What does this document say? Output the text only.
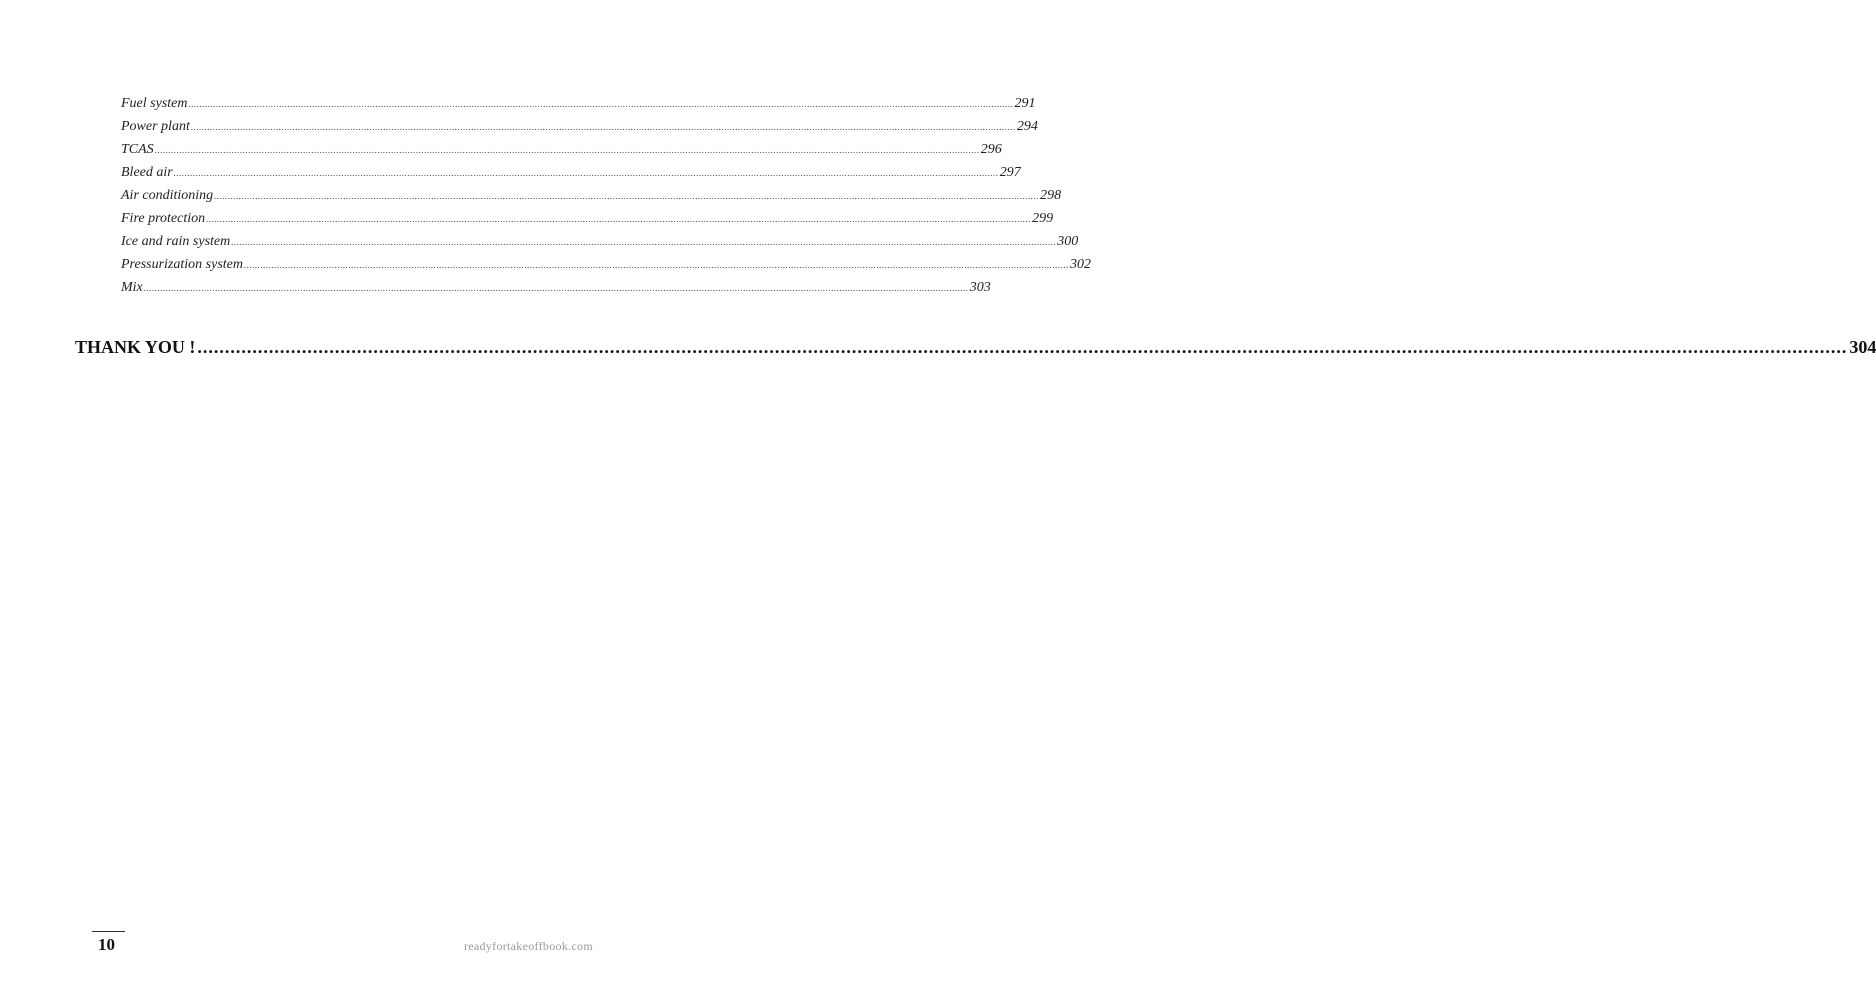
Fuel system ............................................................................................................................................................................................................................................................................................................ 291
Power plant ............................................................................................................................................................................................................................................................................................................ 294
TCAS ............................................................................................................................................................................................................................................................................................................ 296
Bleed air ............................................................................................................................................................................................................................................................................................................ 297
Air conditioning ............................................................................................................................................................................................................................................................................................................ 298
Fire protection ............................................................................................................................................................................................................................................................................................................ 299
Ice and rain system ............................................................................................................................................................................................................................................................................................................ 300
Pressurization system ............................................................................................................................................................................................................................................................................................................ 302
Mix ............................................................................................................................................................................................................................................................................................................ 303
THANK YOU ! ............................................................................................................................................................................................................................................................................................................ 304
10	readyfortakeoffbook.com
